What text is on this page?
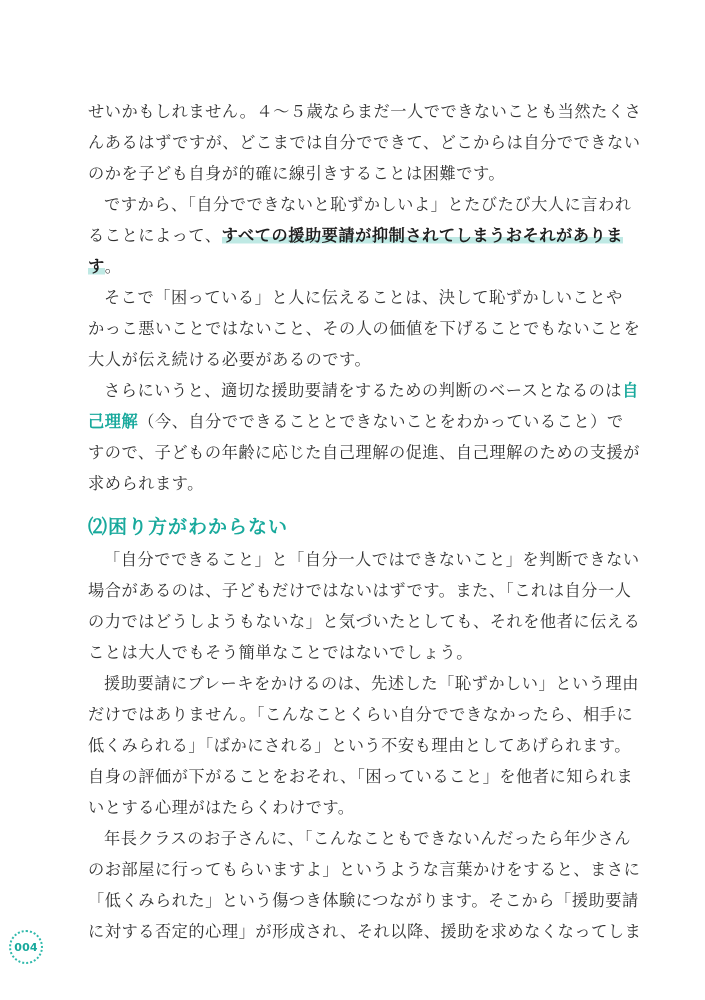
せいかもしれません。４～５歳ならまだ一人でできないことも当然たくさ
んあるはずですが、どこまでは自分でできて、どこからは自分でできない
のかを子ども自身が的確に線引きすることは困難です。
ですから、「自分でできないと恥ずかしいよ」とたびたび大人に言われ
ることによって、すべての援助要請が抑制されてしまうおそれがありま
す。
そこで「困っている」と人に伝えることは、決して恥ずかしいことや
かっこ悪いことではないこと、その人の価値を下げることでもないことを
大人が伝え続ける必要があるのです。
さらにいうと、適切な援助要請をするための判断のベースとなるのは自
己理解（今、自分でできることとできないことをわかっていること）で
すので、子どもの年齢に応じた自己理解の促進、自己理解のための支援が
求められます。
⑵困り方がわからない
「自分でできること」と「自分一人ではできないこと」を判断できない
場合があるのは、子どもだけではないはずです。また、「これは自分一人
の力ではどうしようもないな」と気づいたとしても、それを他者に伝える
ことは大人でもそう簡単なことではないでしょう。
援助要請にブレーキをかけるのは、先述した「恥ずかしい」という理由
だけではありません。「こんなことくらい自分でできなかったら、相手に
低くみられる」「ばかにされる」という不安も理由としてあげられます。
自身の評価が下がることをおそれ、「困っていること」を他者に知られま
いとする心理がはたらくわけです。
年長クラスのお子さんに、「こんなこともできないんだったら年少さん
のお部屋に行ってもらいますよ」というような言葉かけをすると、まさに
「低くみられた」という傷つき体験につながります。そこから「援助要請
に対する否定的心理」が形成され、それ以降、援助を求めなくなってしま
004
